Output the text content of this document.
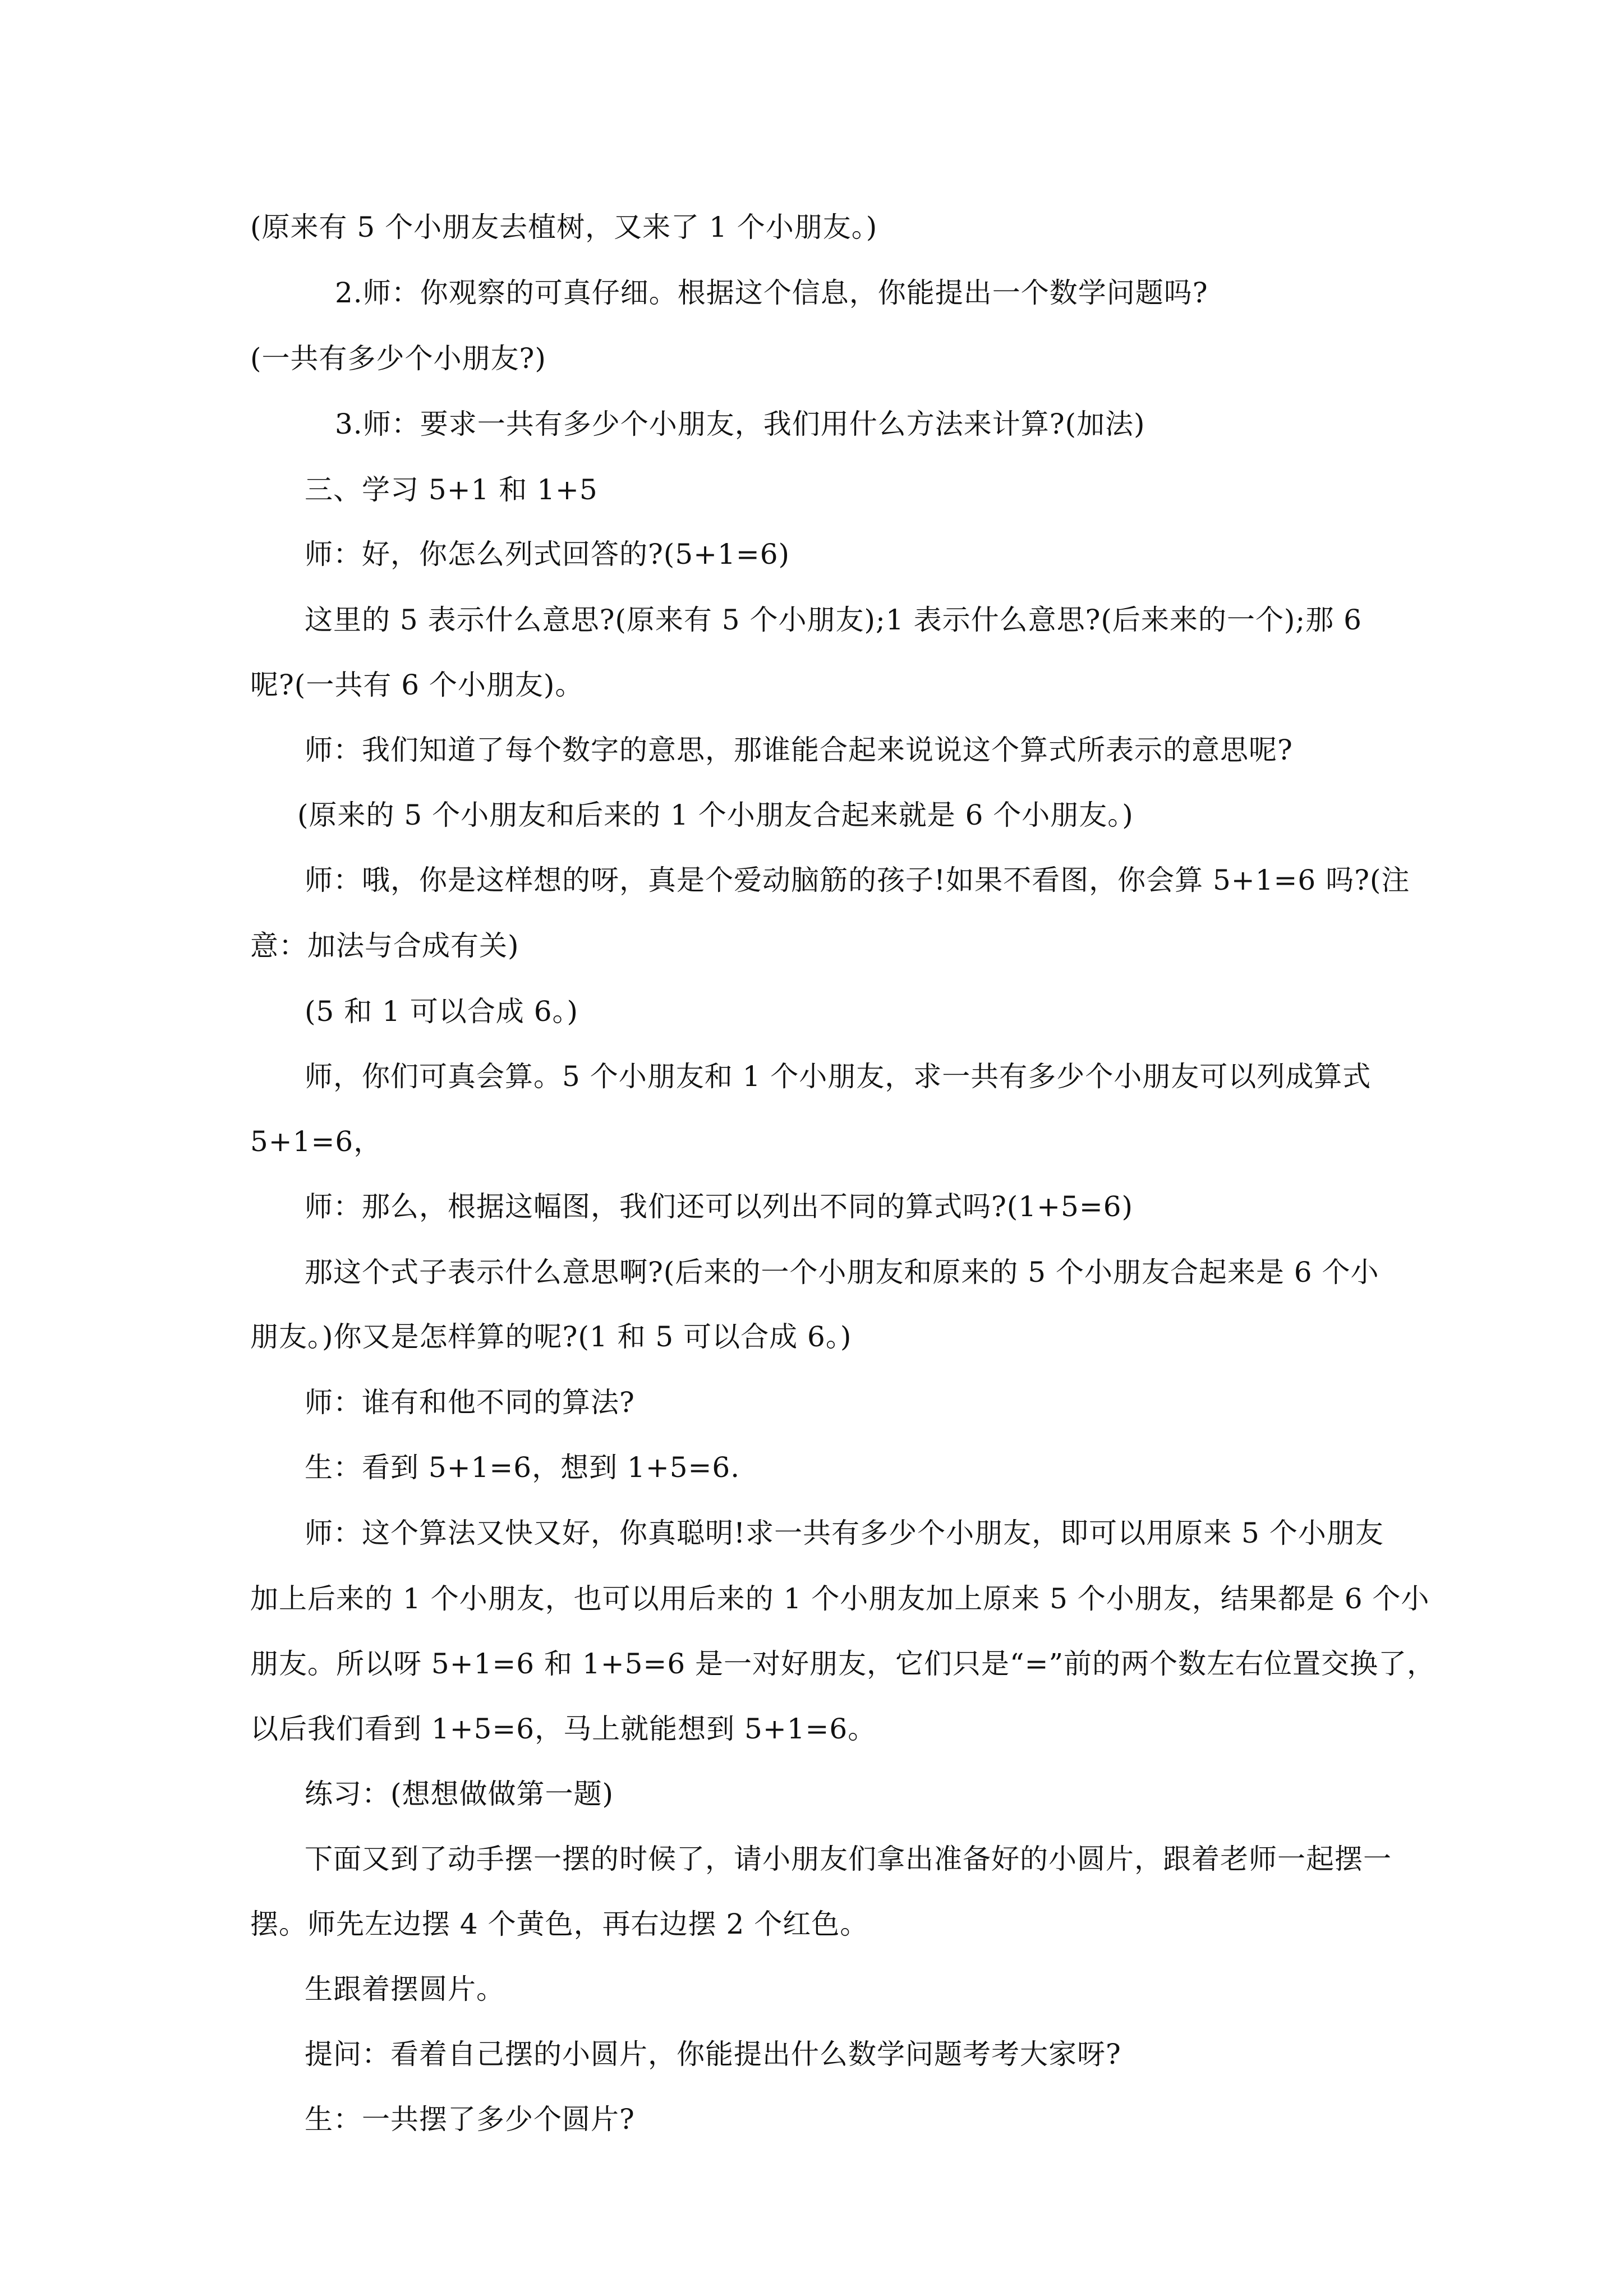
(原来有 5 个小朋友去植树，又来了 1 个小朋友。)
2.师：你观察的可真仔细。根据这个信息，你能提出一个数学问题吗?
(一共有多少个小朋友?)
3.师：要求一共有多少个小朋友，我们用什么方法来计算?(加法)
三、学习 5+1 和 1+5
师：好，你怎么列式回答的?(5+1=6)
这里的 5 表示什么意思?(原来有 5 个小朋友);1 表示什么意思?(后来来的一个);那 6
呢?(一共有 6 个小朋友)。
师：我们知道了每个数字的意思，那谁能合起来说说这个算式所表示的意思呢?
(原来的 5 个小朋友和后来的 1 个小朋友合起来就是 6 个小朋友。)
师：哦，你是这样想的呀，真是个爱动脑筋的孩子!如果不看图，你会算 5+1=6 吗?(注
意：加法与合成有关)
(5 和 1 可以合成 6。)
师，你们可真会算。5 个小朋友和 1 个小朋友，求一共有多少个小朋友可以列成算式
5+1=6，
师：那么，根据这幅图，我们还可以列出不同的算式吗?(1+5=6)
那这个式子表示什么意思啊?(后来的一个小朋友和原来的 5 个小朋友合起来是 6 个小
朋友。)你又是怎样算的呢?(1 和 5 可以合成 6。)
师：谁有和他不同的算法?
生：看到 5+1=6，想到 1+5=6.
师：这个算法又快又好，你真聪明!求一共有多少个小朋友，即可以用原来 5 个小朋友
加上后来的 1 个小朋友，也可以用后来的 1 个小朋友加上原来 5 个小朋友，结果都是 6 个小
朋友。所以呀 5+1=6 和 1+5=6 是一对好朋友，它们只是“=”前的两个数左右位置交换了，
以后我们看到 1+5=6，马上就能想到 5+1=6。
练习：(想想做做第一题)
下面又到了动手摆一摆的时候了，请小朋友们拿出准备好的小圆片，跟着老师一起摆一
摆。师先左边摆 4 个黄色，再右边摆 2 个红色。
生跟着摆圆片。
提问：看着自己摆的小圆片，你能提出什么数学问题考考大家呀?
生：一共摆了多少个圆片?
